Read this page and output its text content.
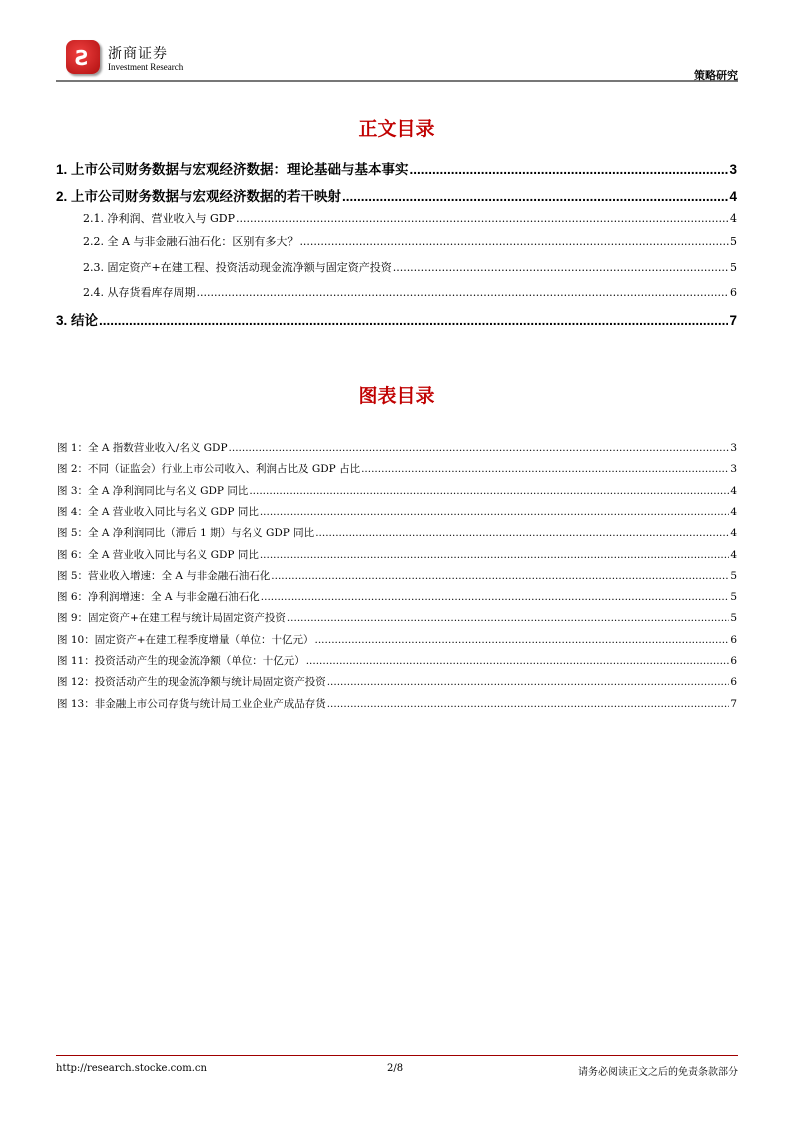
Ƨ 浙商证券
Investment Research
策略研究
正文目录
1. 上市公司财务数据与宏观经济数据：理论基础与基本事实 .....	3
2. 上市公司财务数据与宏观经济数据的若干映射 .....	4
2.1. 净利润、营业收入与 GDP .....	4
2.2. 全 A 与非金融石油石化：区别有多大？ .....	5
2.3. 固定资产+在建工程、投资活动现金流净额与固定资产投资 .....	5
2.4. 从存货看库存周期 .....	6
3. 结论 .....	7
图表目录
图 1：全 A 指数营业收入/名义 GDP .....	3
图 2：不同（证监会）行业上市公司收入、利润占比及 GDP 占比 .....	3
图 3：全 A 净利润同比与名义 GDP 同比 .....	4
图 4：全 A 营业收入同比与名义 GDP 同比 .....	4
图 5：全 A 净利润同比（滞后 1 期）与名义 GDP 同比 .....	4
图 6：全 A 营业收入同比与名义 GDP 同比 .....	4
图 5：营业收入增速：全 A 与非金融石油石化 .....	5
图 6：净利润增速：全 A 与非金融石油石化 .....	5
图 9：固定资产+在建工程与统计局固定资产投资 .....	5
图 10：固定资产+在建工程季度增量（单位：十亿元） .....	6
图 11：投资活动产生的现金流净额（单位：十亿元） .....	6
图 12：投资活动产生的现金流净额与统计局固定资产投资 .....	6
图 13：非金融上市公司存货与统计局工业企业产成品存货 .....	7
http://research.stocke.com.cn	2/8	请务必阅读正文之后的免责条款部分
